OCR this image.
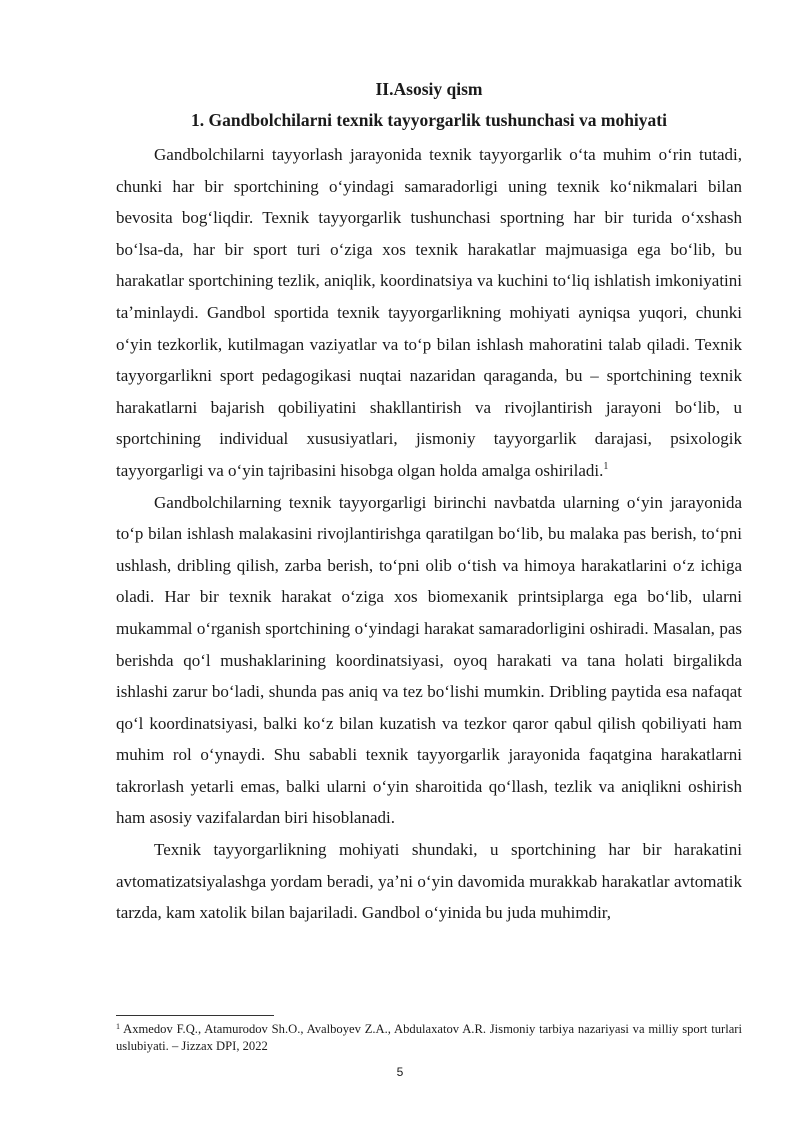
II.Asosiy qism
1. Gandbolchilarni texnik tayyorgarlik tushunchasi va mohiyati

Gandbolchilarni tayyorlash jarayonida texnik tayyorgarlik oʻta muhim oʻrin tutadi, chunki har bir sportchining oʻyindagi samaradorligi uning texnik koʻnikmalari bilan bevosita bogʻliqdir. Texnik tayyorgarlik tushunchasi sportning har bir turida oʻxshash boʻlsa-da, har bir sport turi oʻziga xos texnik harakatlar majmuasiga ega boʻlib, bu harakatlar sportchining tezlik, aniqlik, koordinatsiya va kuchini toʻliq ishlatish imkoniyatini taʼminlaydi. Gandbol sportida texnik tayyorgarlikning mohiyati ayniqsa yuqori, chunki oʻyin tezkorlik, kutilmagan vaziyatlar va toʻp bilan ishlash mahoratini talab qiladi. Texnik tayyorgarlikni sport pedagogikasi nuqtai nazaridan qaraganda, bu – sportchining texnik harakatlarni bajarish qobiliyatini shakllantirish va rivojlantirish jarayoni boʻlib, u sportchining individual xususiyatlari, jismoniy tayyorgarlik darajasi, psixologik tayyorgarligi va oʻyin tajribasini hisobga olgan holda amalga oshiriladi.$^1$

Gandbolchilarning texnik tayyorgarligi birinchi navbatda ularning oʻyin jarayonida toʻp bilan ishlash malakasini rivojlantirishga qaratilgan boʻlib, bu malaka pas berish, toʻpni ushlash, dribling qilish, zarba berish, toʻpni olib oʻtish va himoya harakatlarini oʻz ichiga oladi. Har bir texnik harakat oʻziga xos biomexanik printsiplarga ega boʻlib, ularni mukammal oʻrganish sportchining oʻyindagi harakat samaradorligini oshiradi. Masalan, pas berishda qoʻl mushaklarining koordinatsiyasi, oyoq harakati va tana holati birgalikda ishlashi zarur boʻladi, shunda pas aniq va tez boʻlishi mumkin. Dribling paytida esa nafaqat qoʻl koordinatsiyasi, balki koʻz bilan kuzatish va tezkor qaror qabul qilish qobiliyati ham muhim rol oʻynaydi. Shu sababli texnik tayyorgarlik jarayonida faqatgina harakatlarni takrorlash yetarli emas, balki ularni oʻyin sharoitida qoʻllash, tezlik va aniqlikni oshirish ham asosiy vazifalardan biri hisoblanadi.

Texnik tayyorgarlikning mohiyati shundaki, u sportchining har bir harakatini avtomatizatsiyalashga yordam beradi, yaʼni oʻyin davomida murakkab harakatlar avtomatik tarzda, kam xatolik bilan bajariladi. Gandbol oʻyinida bu juda muhimdir,

$^1$ Axmedov F.Q., Atamurodov Sh.O., Avalboyev Z.A., Abdulaxatov A.R. Jismoniy tarbiya nazariyasi va milliy sport turlari uslubiyati. – Jizzax DPI, 2022
5
